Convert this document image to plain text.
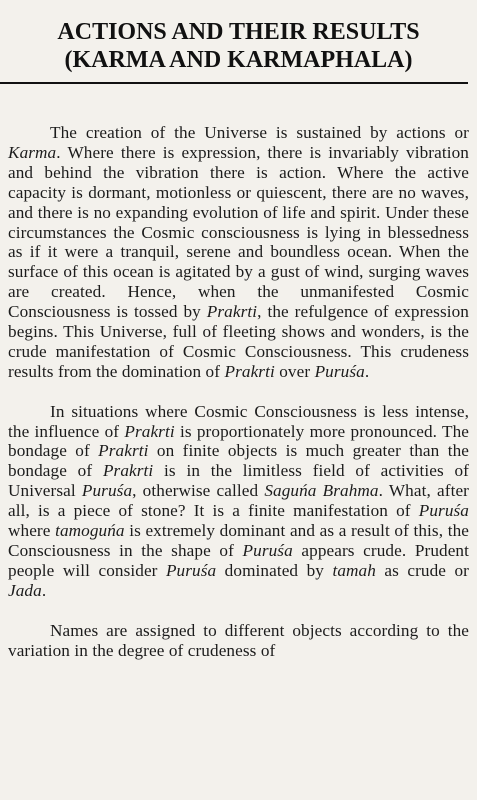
ACTIONS AND THEIR RESULTS
(KARMA AND KARMAPHALA)

The creation of the Universe is sustained by actions or Karma. Where there is expression, there is invariably vibration and behind the vibration there is action. Where the active capacity is dormant, motionless or quiescent, there are no waves, and there is no expanding evolution of life and spirit. Under these circumstances the Cosmic consciousness is lying in blessedness as if it were a tranquil, serene and boundless ocean. When the surface of this ocean is agitated by a gust of wind, surging waves are created. Hence, when the unmanifested Cosmic Consciousness is tossed by Prakrti, the refulgence of expression begins. This Universe, full of fleeting shows and wonders, is the crude manifestation of Cosmic Consciousness. This crudeness results from the domination of Prakrti over Puruśa.

In situations where Cosmic Consciousness is less intense, the influence of Prakrti is proportionately more pronounced. The bondage of Prakrti on finite objects is much greater than the bondage of Prakrti is in the limitless field of activities of Universal Puruśa, otherwise called Saguńa Brahma. What, after all, is a piece of stone? It is a finite manifestation of Puruśa where tamoguńa is extremely dominant and as a result of this, the Consciousness in the shape of Puruśa appears crude. Prudent people will consider Puruśa dominated by tamah as crude or Jada.

Names are assigned to different objects according to the variation in the degree of crudeness of
